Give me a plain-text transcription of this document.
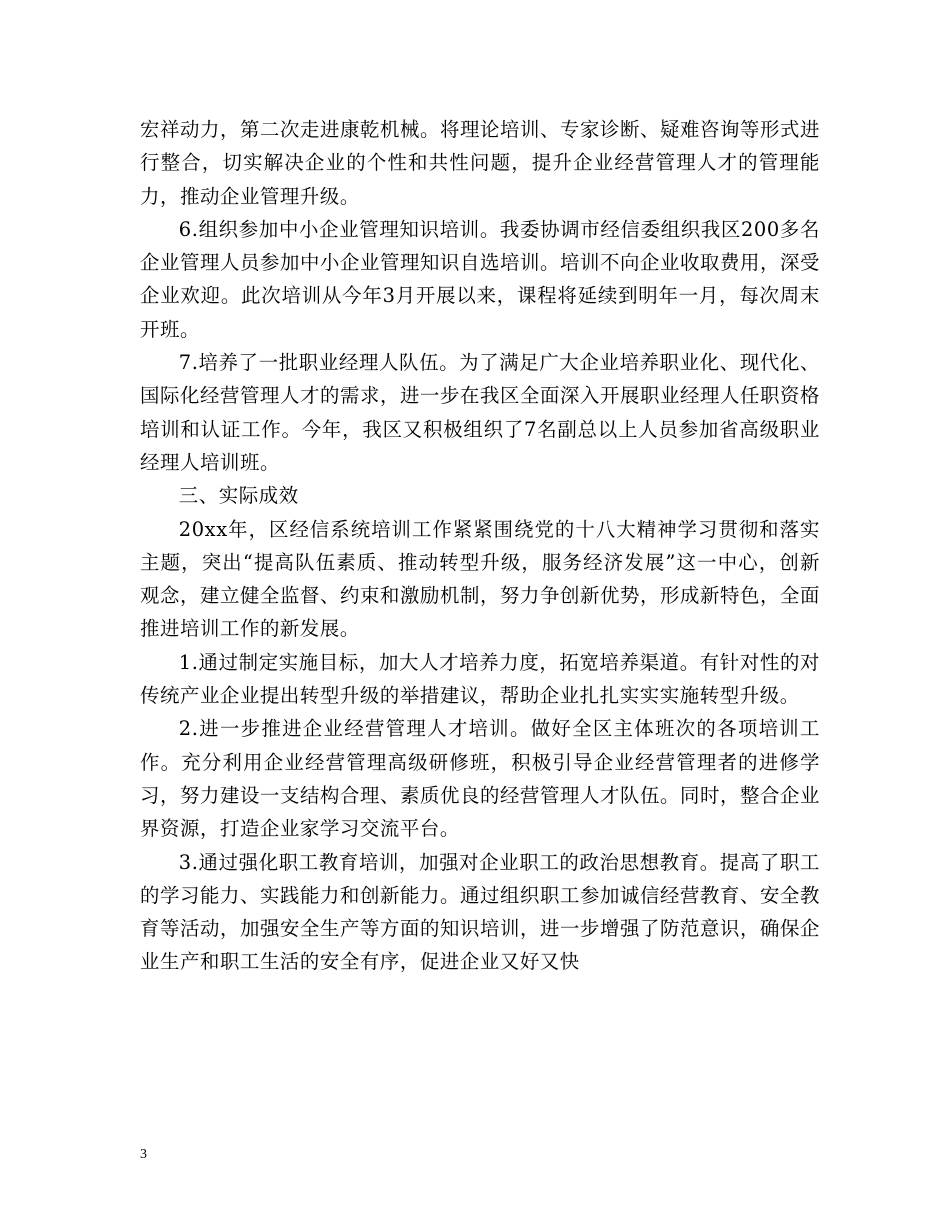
宏祥动力，第二次走进康乾机械。将理论培训、专家诊断、疑难咨询等形式进行整合，切实解决企业的个性和共性问题，提升企业经营管理人才的管理能力，推动企业管理升级。

6.组织参加中小企业管理知识培训。我委协调市经信委组织我区200多名企业管理人员参加中小企业管理知识自选培训。培训不向企业收取费用，深受企业欢迎。此次培训从今年3月开展以来，课程将延续到明年一月，每次周末开班。

7.培养了一批职业经理人队伍。为了满足广大企业培养职业化、现代化、国际化经营管理人才的需求，进一步在我区全面深入开展职业经理人任职资格培训和认证工作。今年，我区又积极组织了7名副总以上人员参加省高级职业经理人培训班。

三、实际成效

20xx年，区经信系统培训工作紧紧围绕党的十八大精神学习贯彻和落实主题，突出“提高队伍素质、推动转型升级，服务经济发展”这一中心，创新观念，建立健全监督、约束和激励机制，努力争创新优势，形成新特色，全面推进培训工作的新发展。

1.通过制定实施目标，加大人才培养力度，拓宽培养渠道。有针对性的对传统产业企业提出转型升级的举措建议，帮助企业扎扎实实实施转型升级。

2.进一步推进企业经营管理人才培训。做好全区主体班次的各项培训工作。充分利用企业经营管理高级研修班，积极引导企业经营管理者的进修学习，努力建设一支结构合理、素质优良的经营管理人才队伍。同时，整合企业界资源，打造企业家学习交流平台。

3.通过强化职工教育培训，加强对企业职工的政治思想教育。提高了职工的学习能力、实践能力和创新能力。通过组织职工参加诚信经营教育、安全教育等活动，加强安全生产等方面的知识培训，进一步增强了防范意识，确保企业生产和职工生活的安全有序，促进企业又好又快

3
